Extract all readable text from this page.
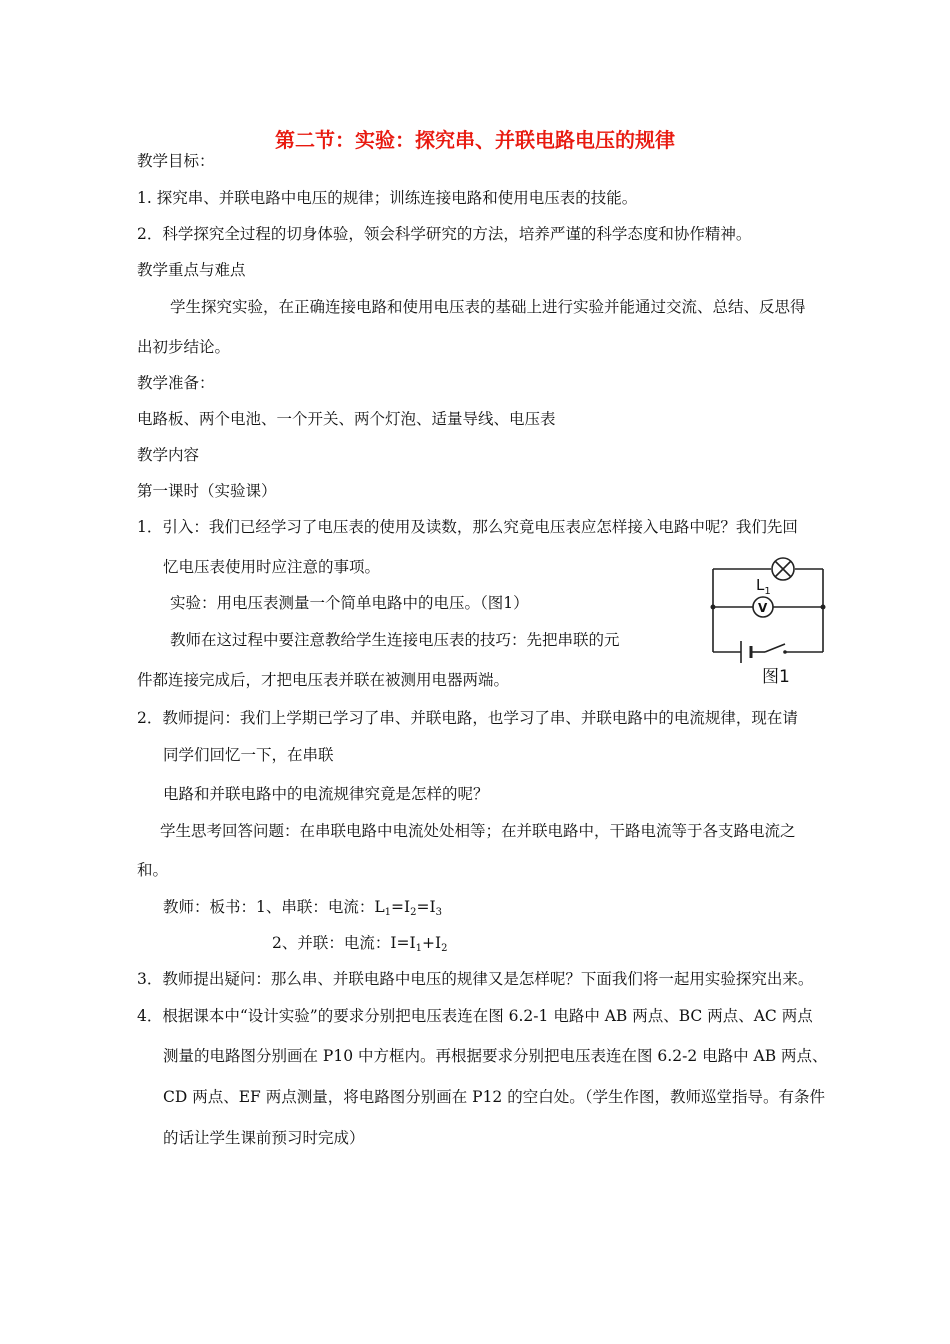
第二节：实验：探究串、并联电路电压的规律
教学目标：
1. 探究串、并联电路中电压的规律；训练连接电路和使用电压表的技能。
2．科学探究全过程的切身体验，领会科学研究的方法，培养严谨的科学态度和协作精神。
教学重点与难点
学生探究实验，在正确连接电路和使用电压表的基础上进行实验并能通过交流、总结、反思得
出初步结论。
教学准备：
电路板、两个电池、一个开关、两个灯泡、适量导线、电压表
教学内容
第一课时（实验课）
1．引入：我们已经学习了电压表的使用及读数，那么究竟电压表应怎样接入电路中呢？我们先回
忆电压表使用时应注意的事项。
实验：用电压表测量一个简单电路中的电压。（图1）
教师在这过程中要注意教给学生连接电压表的技巧：先把串联的元
件都连接完成后，才把电压表并联在被测用电器两端。
$L_1$
V
图1
2．教师提问：我们上学期已学习了串、并联电路，也学习了串、并联电路中的电流规律，现在请
同学们回忆一下，在串联
电路和并联电路中的电流规律究竟是怎样的呢？
学生思考回答问题：在串联电路中电流处处相等；在并联电路中，干路电流等于各支路电流之
和。
教师：板书：1、串联：电流：$L_1=I_2=I_3$
2、并联：电流：$I=I_1+I_2$
3．教师提出疑问：那么串、并联电路中电压的规律又是怎样呢？下面我们将一起用实验探究出来。
4．根据课本中“设计实验”的要求分别把电压表连在图 6.2-1 电路中 AB 两点、BC 两点、AC 两点
测量的电路图分别画在 P10 中方框内。再根据要求分别把电压表连在图 6.2-2 电路中 AB 两点、
CD 两点、EF 两点测量，将电路图分别画在 P12 的空白处。（学生作图，教师巡堂指导。有条件
的话让学生课前预习时完成）
